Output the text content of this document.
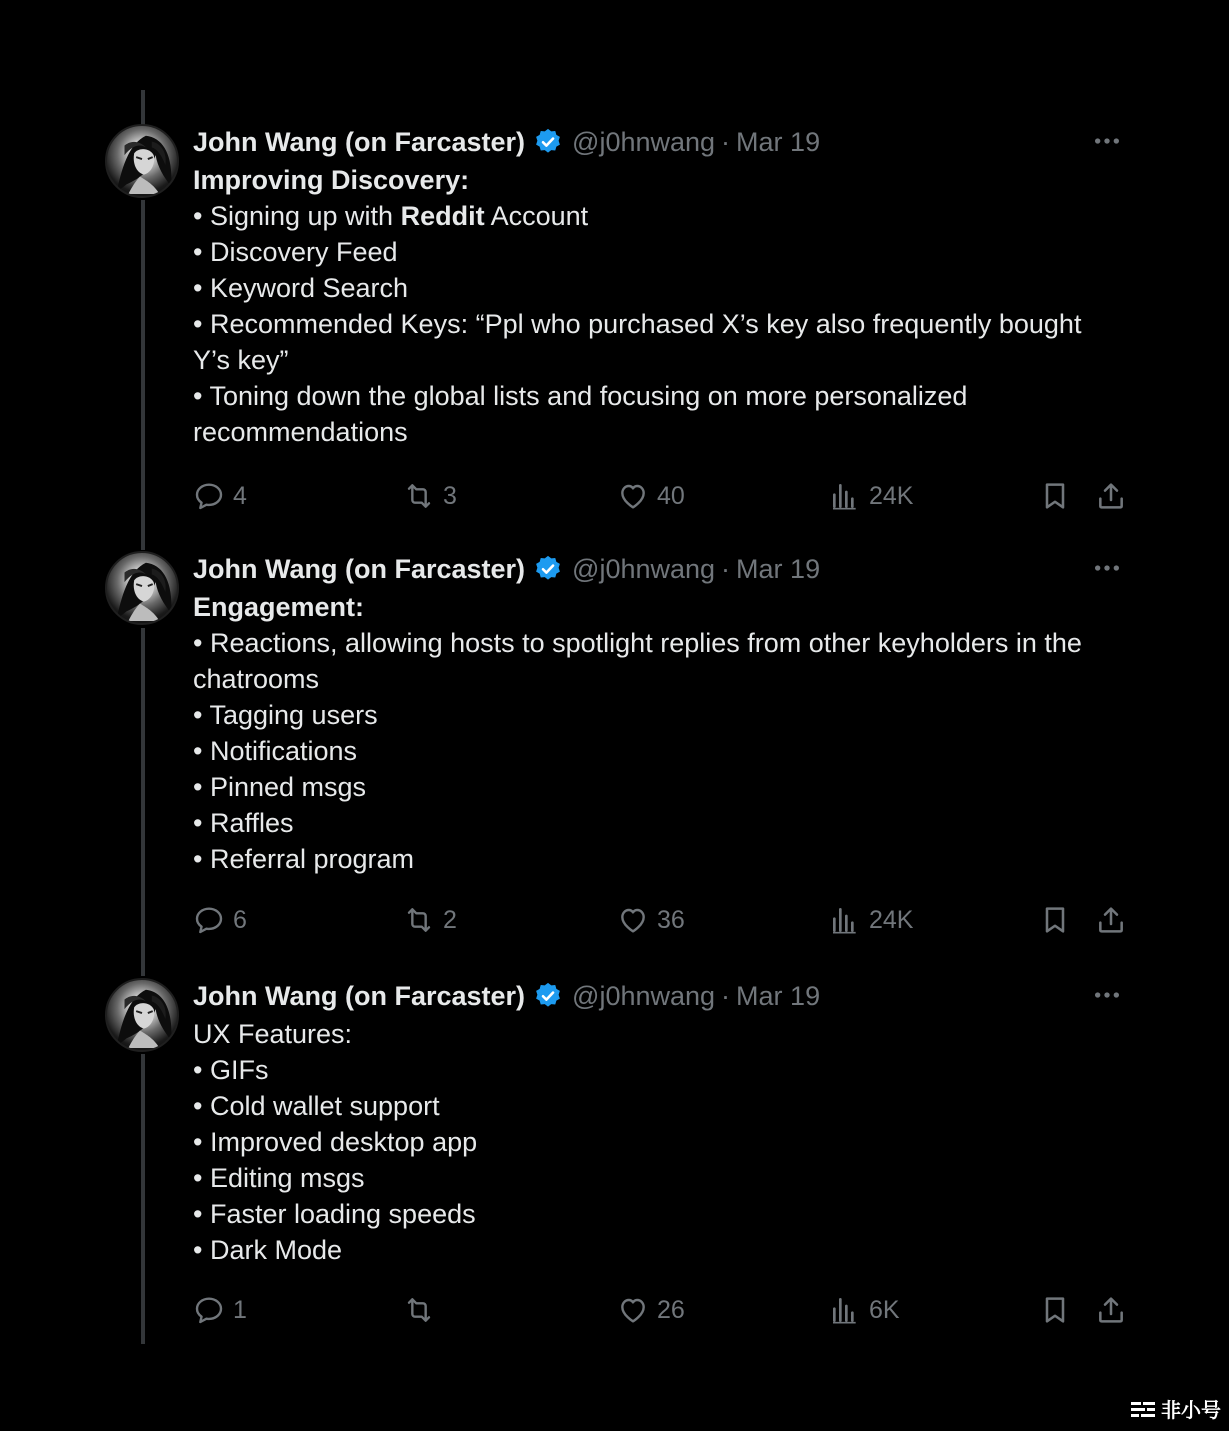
John Wang (on Farcaster) @j0hnwang · Mar 19
Improving Discovery:
• Signing up with Reddit Account
• Discovery Feed
• Keyword Search
• Recommended Keys: “Ppl who purchased X’s key also frequently bought
Y’s key”
• Toning down the global lists and focusing on more personalized
recommendations
4	3	40	24K
John Wang (on Farcaster) @j0hnwang · Mar 19
Engagement:
• Reactions, allowing hosts to spotlight replies from other keyholders in the
chatrooms
• Tagging users
• Notifications
• Pinned msgs
• Raffles
• Referral program
6	2	36	24K
John Wang (on Farcaster) @j0hnwang · Mar 19
UX Features:
• GIFs
• Cold wallet support
• Improved desktop app
• Editing msgs
• Faster loading speeds
• Dark Mode
1	26	6K
非小号
